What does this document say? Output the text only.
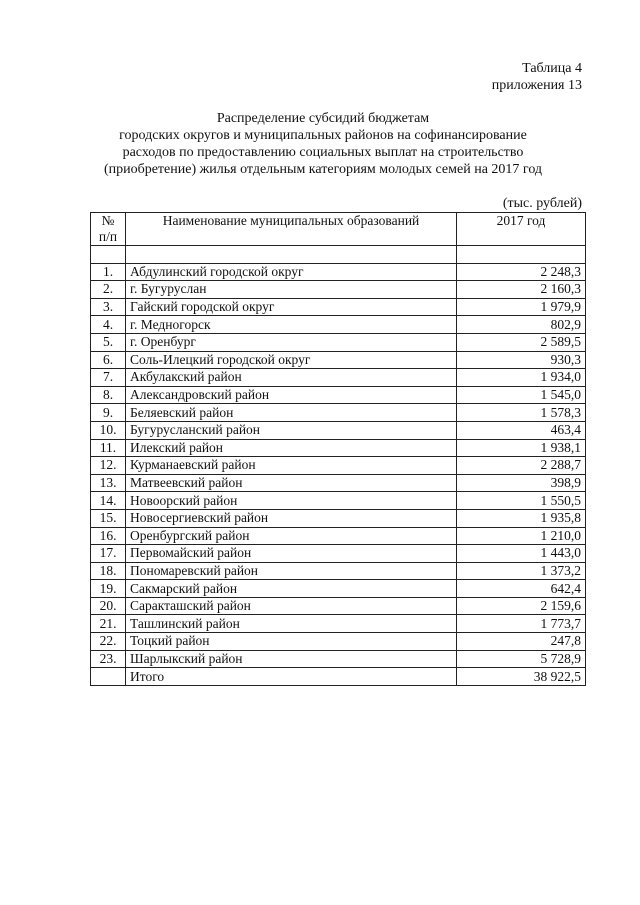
Таблица 4
приложения 13
Распределение субсидий бюджетам
городских округов и муниципальных районов на софинансирование
расходов по предоставлению социальных выплат на строительство
(приобретение) жилья отдельным категориям молодых семей на 2017 год
(тыс. рублей)
№
п/п	Наименование муниципальных образований	2017 год

1.	Абдулинский городской округ	2 248,3
2.	г. Бугуруслан	2 160,3
3.	Гайский городской округ	1 979,9
4.	г. Медногорск	802,9
5.	г. Оренбург	2 589,5
6.	Соль-Илецкий городской округ	930,3
7.	Акбулакский район	1 934,0
8.	Александровский район	1 545,0
9.	Беляевский район	1 578,3
10.	Бугурусланский район	463,4
11.	Илекский район	1 938,1
12.	Курманаевский район	2 288,7
13.	Матвеевский район	398,9
14.	Новоорский район	1 550,5
15.	Новосергиевский район	1 935,8
16.	Оренбургский район	1 210,0
17.	Первомайский район	1 443,0
18.	Пономаревский район	1 373,2
19.	Сакмарский район	642,4
20.	Саракташский район	2 159,6
21.	Ташлинский район	1 773,7
22.	Тоцкий район	247,8
23.	Шарлыкский район	5 728,9
	Итого	38 922,5
